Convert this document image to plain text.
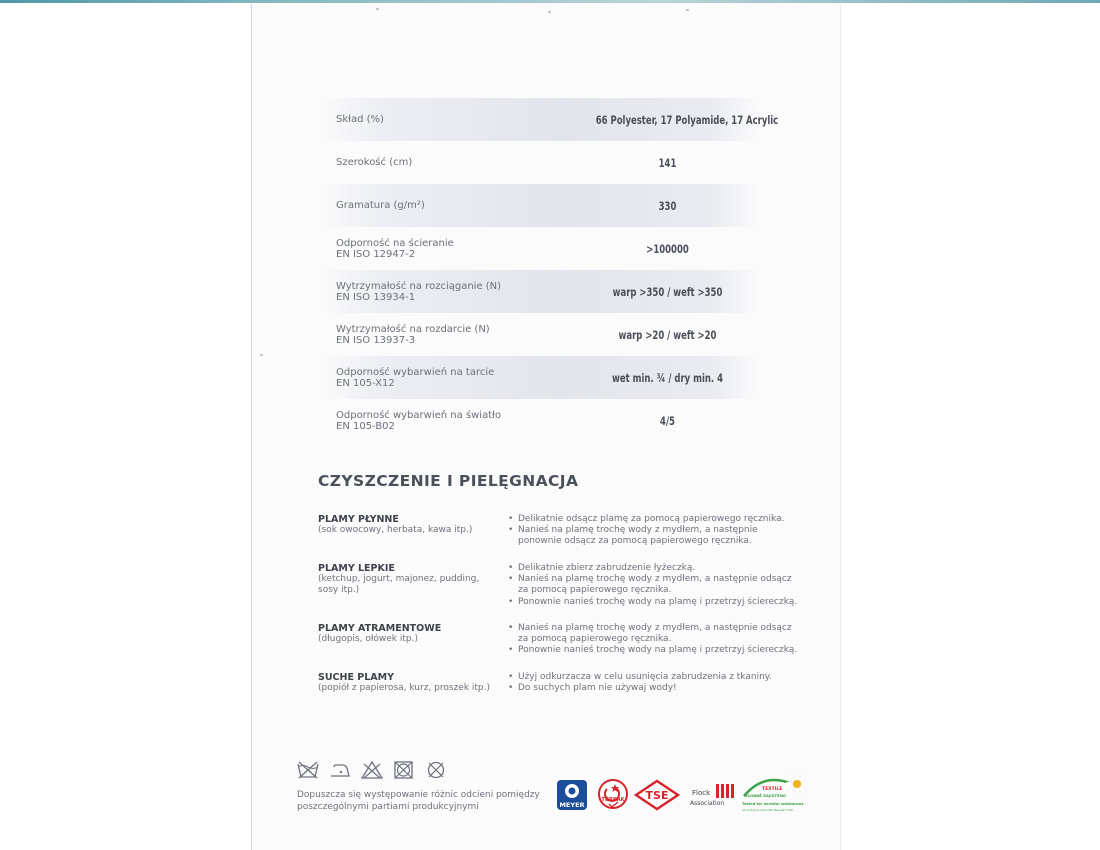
Skład (%)	66 Polyester, 17 Polyamide, 17 Acrylic
Szerokość (cm)	141
Gramatura (g/m²)	330
Odporność na ścieranie
EN ISO 12947-2	>100000
Wytrzymałość na rozciąganie (N)
EN ISO 13934-1	warp >350 / weft >350
Wytrzymałość na rozdarcie (N)
EN ISO 13937-3	warp >20 / weft >20
Odporność wybarwień na tarcie
EN 105-X12	wet min. ¾ / dry min. 4
Odporność wybarwień na światło
EN 105-B02	4/5
CZYSZCZENIE I PIELĘGNACJA
PLAMY PŁYNNE
(sok owocowy, herbata, kawa itp.)
• Delikatnie odsącz plamę za pomocą papierowego ręcznika.
• Nanieś na plamę trochę wody z mydłem, a następnie ponownie odsącz za pomocą papierowego ręcznika.
PLAMY LEPKIE
(ketchup, jogurt, majonez, pudding, sosy itp.)
• Delikatnie zbierz zabrudzenie łyżeczką.
• Nanieś na plamę trochę wody z mydłem, a następnie odsącz za pomocą papierowego ręcznika.
• Ponownie nanieś trochę wody na plamę i przetrzyj ściereczką.
PLAMY ATRAMENTOWE
(długopis, ołówek itp.)
• Nanieś na plamę trochę wody z mydłem, a następnie odsącz za pomocą papierowego ręcznika.
• Ponownie nanieś trochę wody na plamę i przetrzyj ściereczką.
SUCHE PLAMY
(popiół z papierosa, kurz, proszek itp.)
• Użyj odkurzacza w celu usunięcia zabrudzenia z tkaniny.
• Do suchych plam nie używaj wody!
Dopuszcza się występowanie różnic odcieni pomiędzy poszczególnymi partiami produkcyjnymi	MEYER
TÜRKAK TSE	Flock
Association
TEXTILE
OSOBNĚ ZAJIŠTĚNO
Tested for harmful substances
according to Oeko-Tex Standard 100
